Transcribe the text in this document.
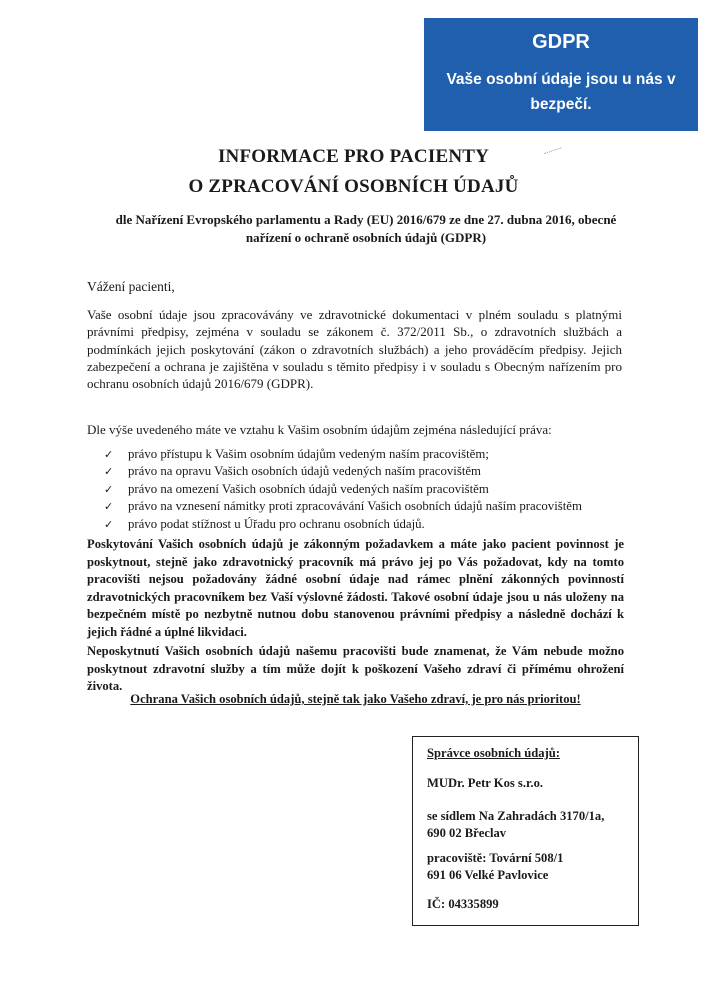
GDPR
Vaše osobní údaje jsou u nás v bezpečí.
INFORMACE PRO PACIENTY
O ZPRACOVÁNÍ OSOBNÍCH ÚDAJŮ
dle Nařízení Evropského parlamentu a Rady (EU) 2016/679 ze dne 27. dubna 2016, obecné nařízení o ochraně osobních údajů (GDPR)
Vážení pacienti,
Vaše osobní údaje jsou zpracovávány ve zdravotnické dokumentaci v plném souladu s platnými právními předpisy, zejména v souladu se zákonem č. 372/2011 Sb., o zdravotních službách a podmínkách jejich poskytování (zákon o zdravotních službách) a jeho prováděcím předpisy. Jejich zabezpečení a ochrana je zajištěna v souladu s těmito předpisy i v souladu s Obecným nařízením pro ochranu osobních údajů 2016/679 (GDPR).
Dle výše uvedeného máte ve vztahu k Vašim osobním údajům zejména následující práva:
✓ právo přístupu k Vašim osobním údajům vedeným naším pracovištěm;
✓ právo na opravu Vašich osobních údajů vedených naším pracovištěm
✓ právo na omezení Vašich osobních údajů vedených naším pracovištěm
✓ právo na vznesení námitky proti zpracovávání Vašich osobních údajů naším pracovištěm
✓ právo podat stížnost u Úřadu pro ochranu osobních údajů.
Poskytování Vašich osobních údajů je zákonným požadavkem a máte jako pacient povinnost je poskytnout, stejně jako zdravotnický pracovník má právo jej po Vás požadovat, kdy na tomto pracovišti nejsou požadovány žádné osobní údaje nad rámec plnění zákonných povinností zdravotnických pracovníkem bez Vaší výslovné žádosti. Takové osobní údaje jsou u nás uloženy na bezpečném místě po nezbytně nutnou dobu stanovenou právními předpisy a následně dochází k jejich řádné a úplné likvidaci.
Neposkytnutí Vašich osobních údajů našemu pracovišti bude znamenat, že Vám nebude možno poskytnout zdravotní služby a tím může dojít k poškození Vašeho zdraví či přímému ohrožení života.
Ochrana Vašich osobních údajů, stejně tak jako Vašeho zdraví, je pro nás prioritou!
Správce osobních údajů:
MUDr. Petr Kos s.r.o.
se sídlem Na Zahradách 3170/1a,
690 02 Břeclav
pracoviště: Tovární 508/1
691 06 Velké Pavlovice
IČ: 04335899
